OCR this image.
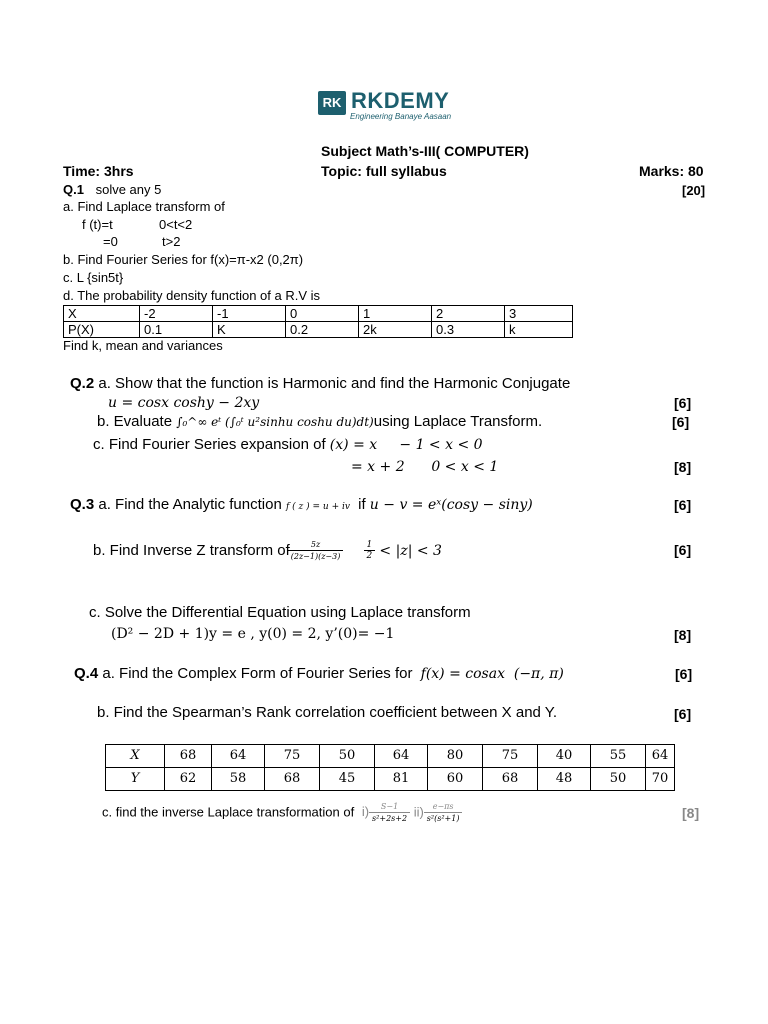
RK RKDEMY
Engineering Banaye Aasaan
Subject Math’s-III( COMPUTER)
Time: 3hrs	Topic: full syllabus	Marks: 80
Q.1 solve any 5	[20]
a. Find Laplace transform of
f (t)=t	0<t<2
=0	t>2
b. Find Fourier Series for f(x)=π-x2 (0,2π)
c. L {sin5t}
d. The probability density function of a R.V is
X	-2	-1	0	1	2	3
P(X)	0.1	K	0.2	2k	0.3	k
Find k, mean and variances
Q.2 a. Show that the function is Harmonic and find the Harmonic Conjugate
u = cosx coshy − 2xy	[6]
b. Evaluate ∫₀^∞ eᵗ (∫₀ᵗ u²sinhu coshu du)dt)using Laplace Transform.	[6]
c. Find Fourier Series expansion of (x) = x     − 1 < x < 0
= x + 2      0 < x < 1	[8]
Q.3 a. Find the Analytic function f ( z ) = u + iv if u − v = eˣ(cosy − siny)	[6]
b. Find Inverse Z transform of
$\frac{5z}{(2z-1)(z-3)}$
$\frac{1}{2} < |z| < 3$	[6]
c. Solve the Differential Equation using Laplace transform
(D² − 2D + 1)y = e , y(0) = 2, y’(0)= −1	[8]
Q.4 a. Find the Complex Form of Fourier Series for f(x) = cosax  (−π, π)	[6]
b. Find the Spearman’s Rank correlation coefficient between X and Y.	[6]
X	68	64	75	50	64	80	75	40	55	64
Y	62	58	68	45	81	60	68	48	50	70
c. find the inverse Laplace transformation of $i) \frac{S-1}{\text{s²+2s+2}} ii) \frac{e-\pi s}{\text{s²(s²+1)}}$	[8]
